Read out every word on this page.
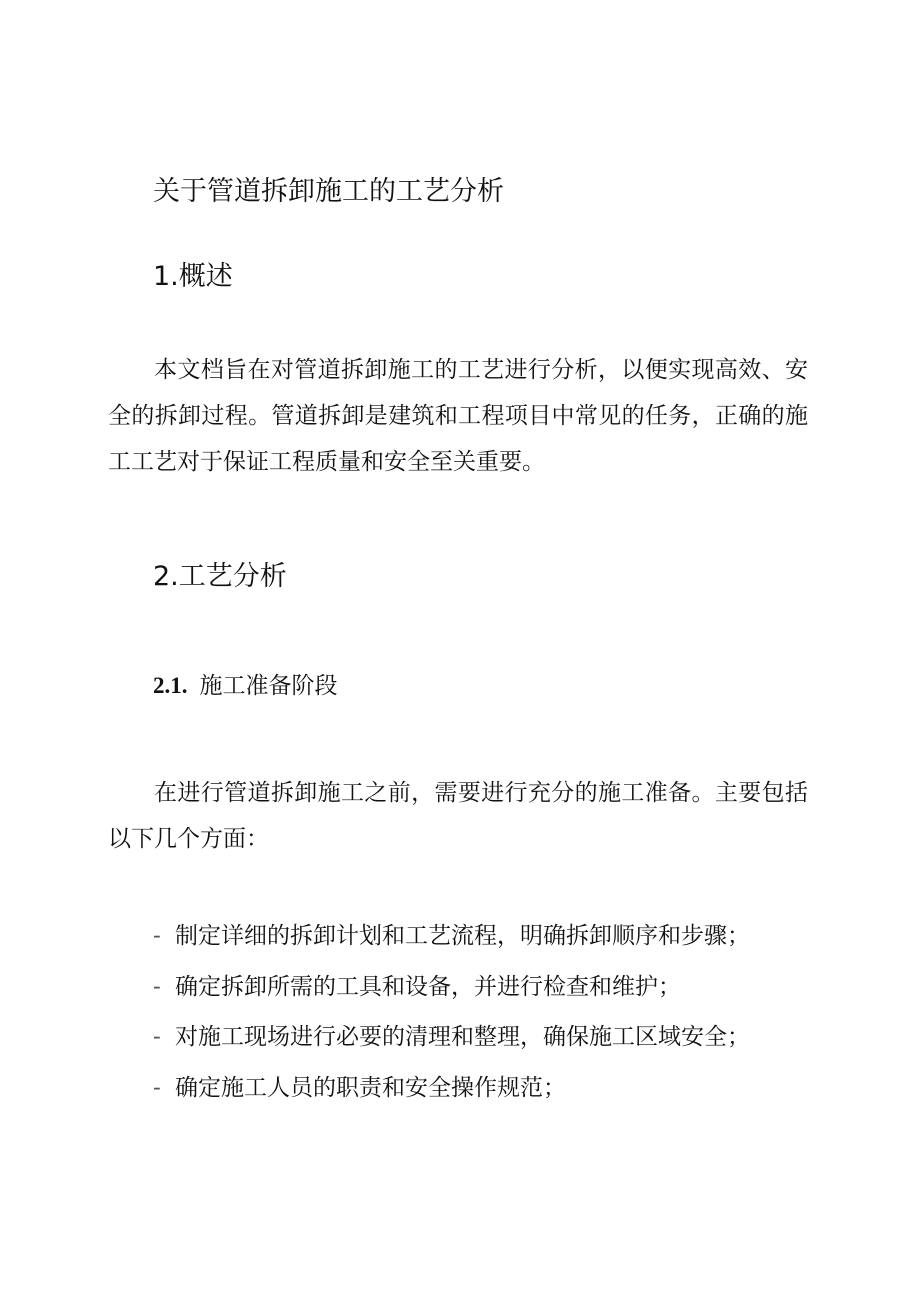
关于管道拆卸施工的工艺分析
1.概述

本文档旨在对管道拆卸施工的工艺进行分析，以便实现高效、安全的拆卸过程。管道拆卸是建筑和工程项目中常见的任务，正确的施工工艺对于保证工程质量和安全至关重要。

2.工艺分析
2.1. 施工准备阶段

在进行管道拆卸施工之前，需要进行充分的施工准备。主要包括以下几个方面：

- 制定详细的拆卸计划和工艺流程，明确拆卸顺序和步骤；
- 确定拆卸所需的工具和设备，并进行检查和维护；
- 对施工现场进行必要的清理和整理，确保施工区域安全；
- 确定施工人员的职责和安全操作规范；
